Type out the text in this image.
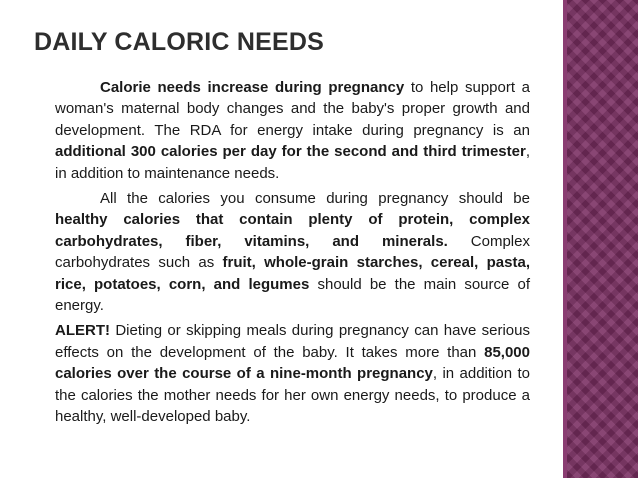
DAILY CALORIC NEEDS

Calorie needs increase during pregnancy to help support a woman's maternal body changes and the baby's proper growth and development. The RDA for energy intake during pregnancy is an additional 300 calories per day for the second and third trimester, in addition to maintenance needs.

All the calories you consume during pregnancy should be healthy calories that contain plenty of protein, complex carbohydrates, fiber, vitamins, and minerals. Complex carbohydrates such as fruit, whole-grain starches, cereal, pasta, rice, potatoes, corn, and legumes should be the main source of energy.

ALERT! Dieting or skipping meals during pregnancy can have serious effects on the development of the baby. It takes more than 85,000 calories over the course of a nine-month pregnancy, in addition to the calories the mother needs for her own energy needs, to produce a healthy, well-developed baby.
